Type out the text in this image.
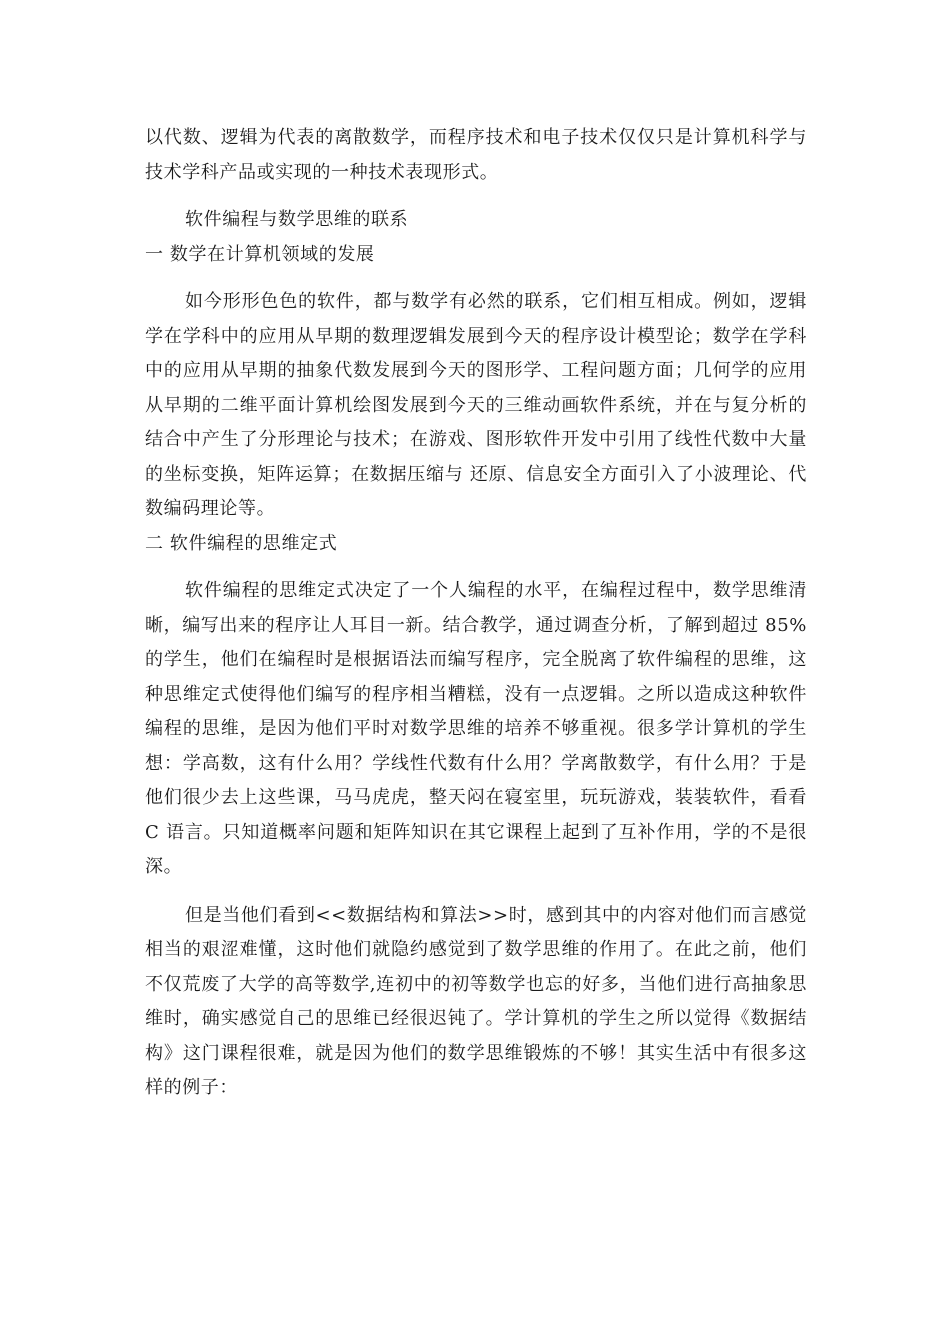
以代数、逻辑为代表的离散数学，而程序技术和电子技术仅仅只是计算机科学与技术学科产品或实现的一种技术表现形式。

软件编程与数学思维的联系

一 数学在计算机领域的发展

如今形形色色的软件，都与数学有必然的联系，它们相互相成。例如，逻辑学在学科中的应用从早期的数理逻辑发展到今天的程序设计模型论；数学在学科中的应用从早期的抽象代数发展到今天的图形学、工程问题方面；几何学的应用从早期的二维平面计算机绘图发展到今天的三维动画软件系统，并在与复分析的结合中产生了分形理论与技术；在游戏、图形软件开发中引用了线性代数中大量的坐标变换，矩阵运算；在数据压缩与 还原、信息安全方面引入了小波理论、代数编码理论等。

二 软件编程的思维定式

软件编程的思维定式决定了一个人编程的水平，在编程过程中，数学思维清晰，编写出来的程序让人耳目一新。结合教学，通过调查分析，了解到超过 85%的学生，他们在编程时是根据语法而编写程序，完全脱离了软件编程的思维，这种思维定式使得他们编写的程序相当糟糕，没有一点逻辑。之所以造成这种软件编程的思维，是因为他们平时对数学思维的培养不够重视。很多学计算机的学生想：学高数，这有什么用？学线性代数有什么用？学离散数学，有什么用？于是他们很少去上这些课，马马虎虎，整天闷在寝室里，玩玩游戏，装装软件，看看 C 语言。只知道概率问题和矩阵知识在其它课程上起到了互补作用，学的不是很深。

但是当他们看到<<数据结构和算法>>时，感到其中的内容对他们而言感觉相当的艰涩难懂，这时他们就隐约感觉到了数学思维的作用了。在此之前，他们不仅荒废了大学的高等数学,连初中的初等数学也忘的好多，当他们进行高抽象思维时，确实感觉自己的思维已经很迟钝了。学计算机的学生之所以觉得《数据结构》这门课程很难，就是因为他们的数学思维锻炼的不够！其实生活中有很多这样的例子：
